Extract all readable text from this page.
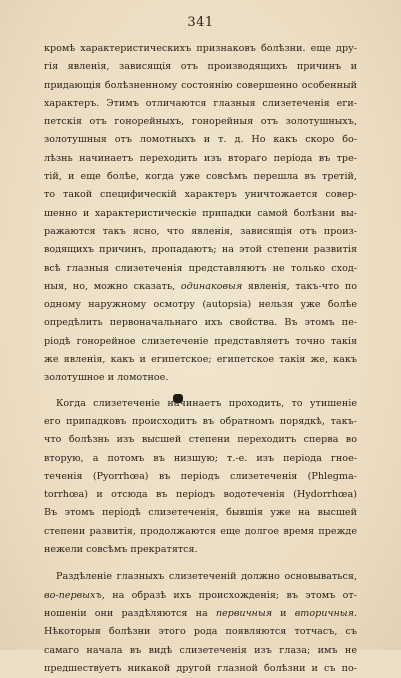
341
кромѣ характеристическихъ признаковъ болѣзни. еще дру-
гія явленія, зависящія отъ производящихъ причинъ и
придающія болѣзненному состоянію совершенно особенный
характеръ. Этимъ отличаются глазныя слизетеченія еги-
петскія отъ гонорейныхъ, гонорейныя отъ золотушныхъ,
золотушныя отъ ломотныхъ и т. д. Но какъ скоро бо-
лѣзнь начинаетъ переходить изъ втораго періода въ тре-
тій, и еще болѣе, когда уже совсѣмъ перешла въ третій,
то такой специфическій характеръ уничтожается совер-
шенно и характеристическіе припадки самой болѣзни вы-
ражаются такъ ясно, что явленія, зависящія отъ произ-
водящихъ причинъ, пропадаютъ; на этой степени развитія
всѣ глазныя слизетеченія представляютъ не только сход-
ныя, но, можно сказать, одинаковыя явленія, такъ-что по
одному наружному осмотру (autopsia) нельзя уже болѣе
опредѣлить первоначальнаго ихъ свойства. Въ этомъ пе-
ріодѣ гонорейное слизетеченіе представляетъ точно такія
же явленія, какъ и египетское; египетское такія же, какъ
золотушное и ломотное.
Когда слизетеченіе начинаетъ проходить, то утишеніе
его припадковъ происходитъ въ обратномъ порядкѣ, такъ-
что болѣзнь изъ высшей степени переходитъ сперва во
вторую, а потомъ въ низшую; т.-е. изъ періода гное-
теченія (Pyorrhœa) въ періодъ слизетеченія (Phlegma-
torrhœa) и отсюда въ періодъ водотеченія (Hydorrhœa)
Въ этомъ періодѣ слизетеченія, бывшія уже на высшей
степени развитія, продолжаются еще долгое время прежде
нежели совсѣмъ прекратятся.
Раздѣленіе глазныхъ слизетеченій должно основываться,
во-первыхъ, на образѣ ихъ происхожденія; въ этомъ от-
ношеніи они раздѣляются на первичныя и вторичныя.
Нѣкоторыя болѣзни этого рода появляются тотчасъ, съ
самаго начала въ видѣ слизетеченія изъ глаза; имъ не
предшествуетъ никакой другой глазной болѣзни и съ по-
